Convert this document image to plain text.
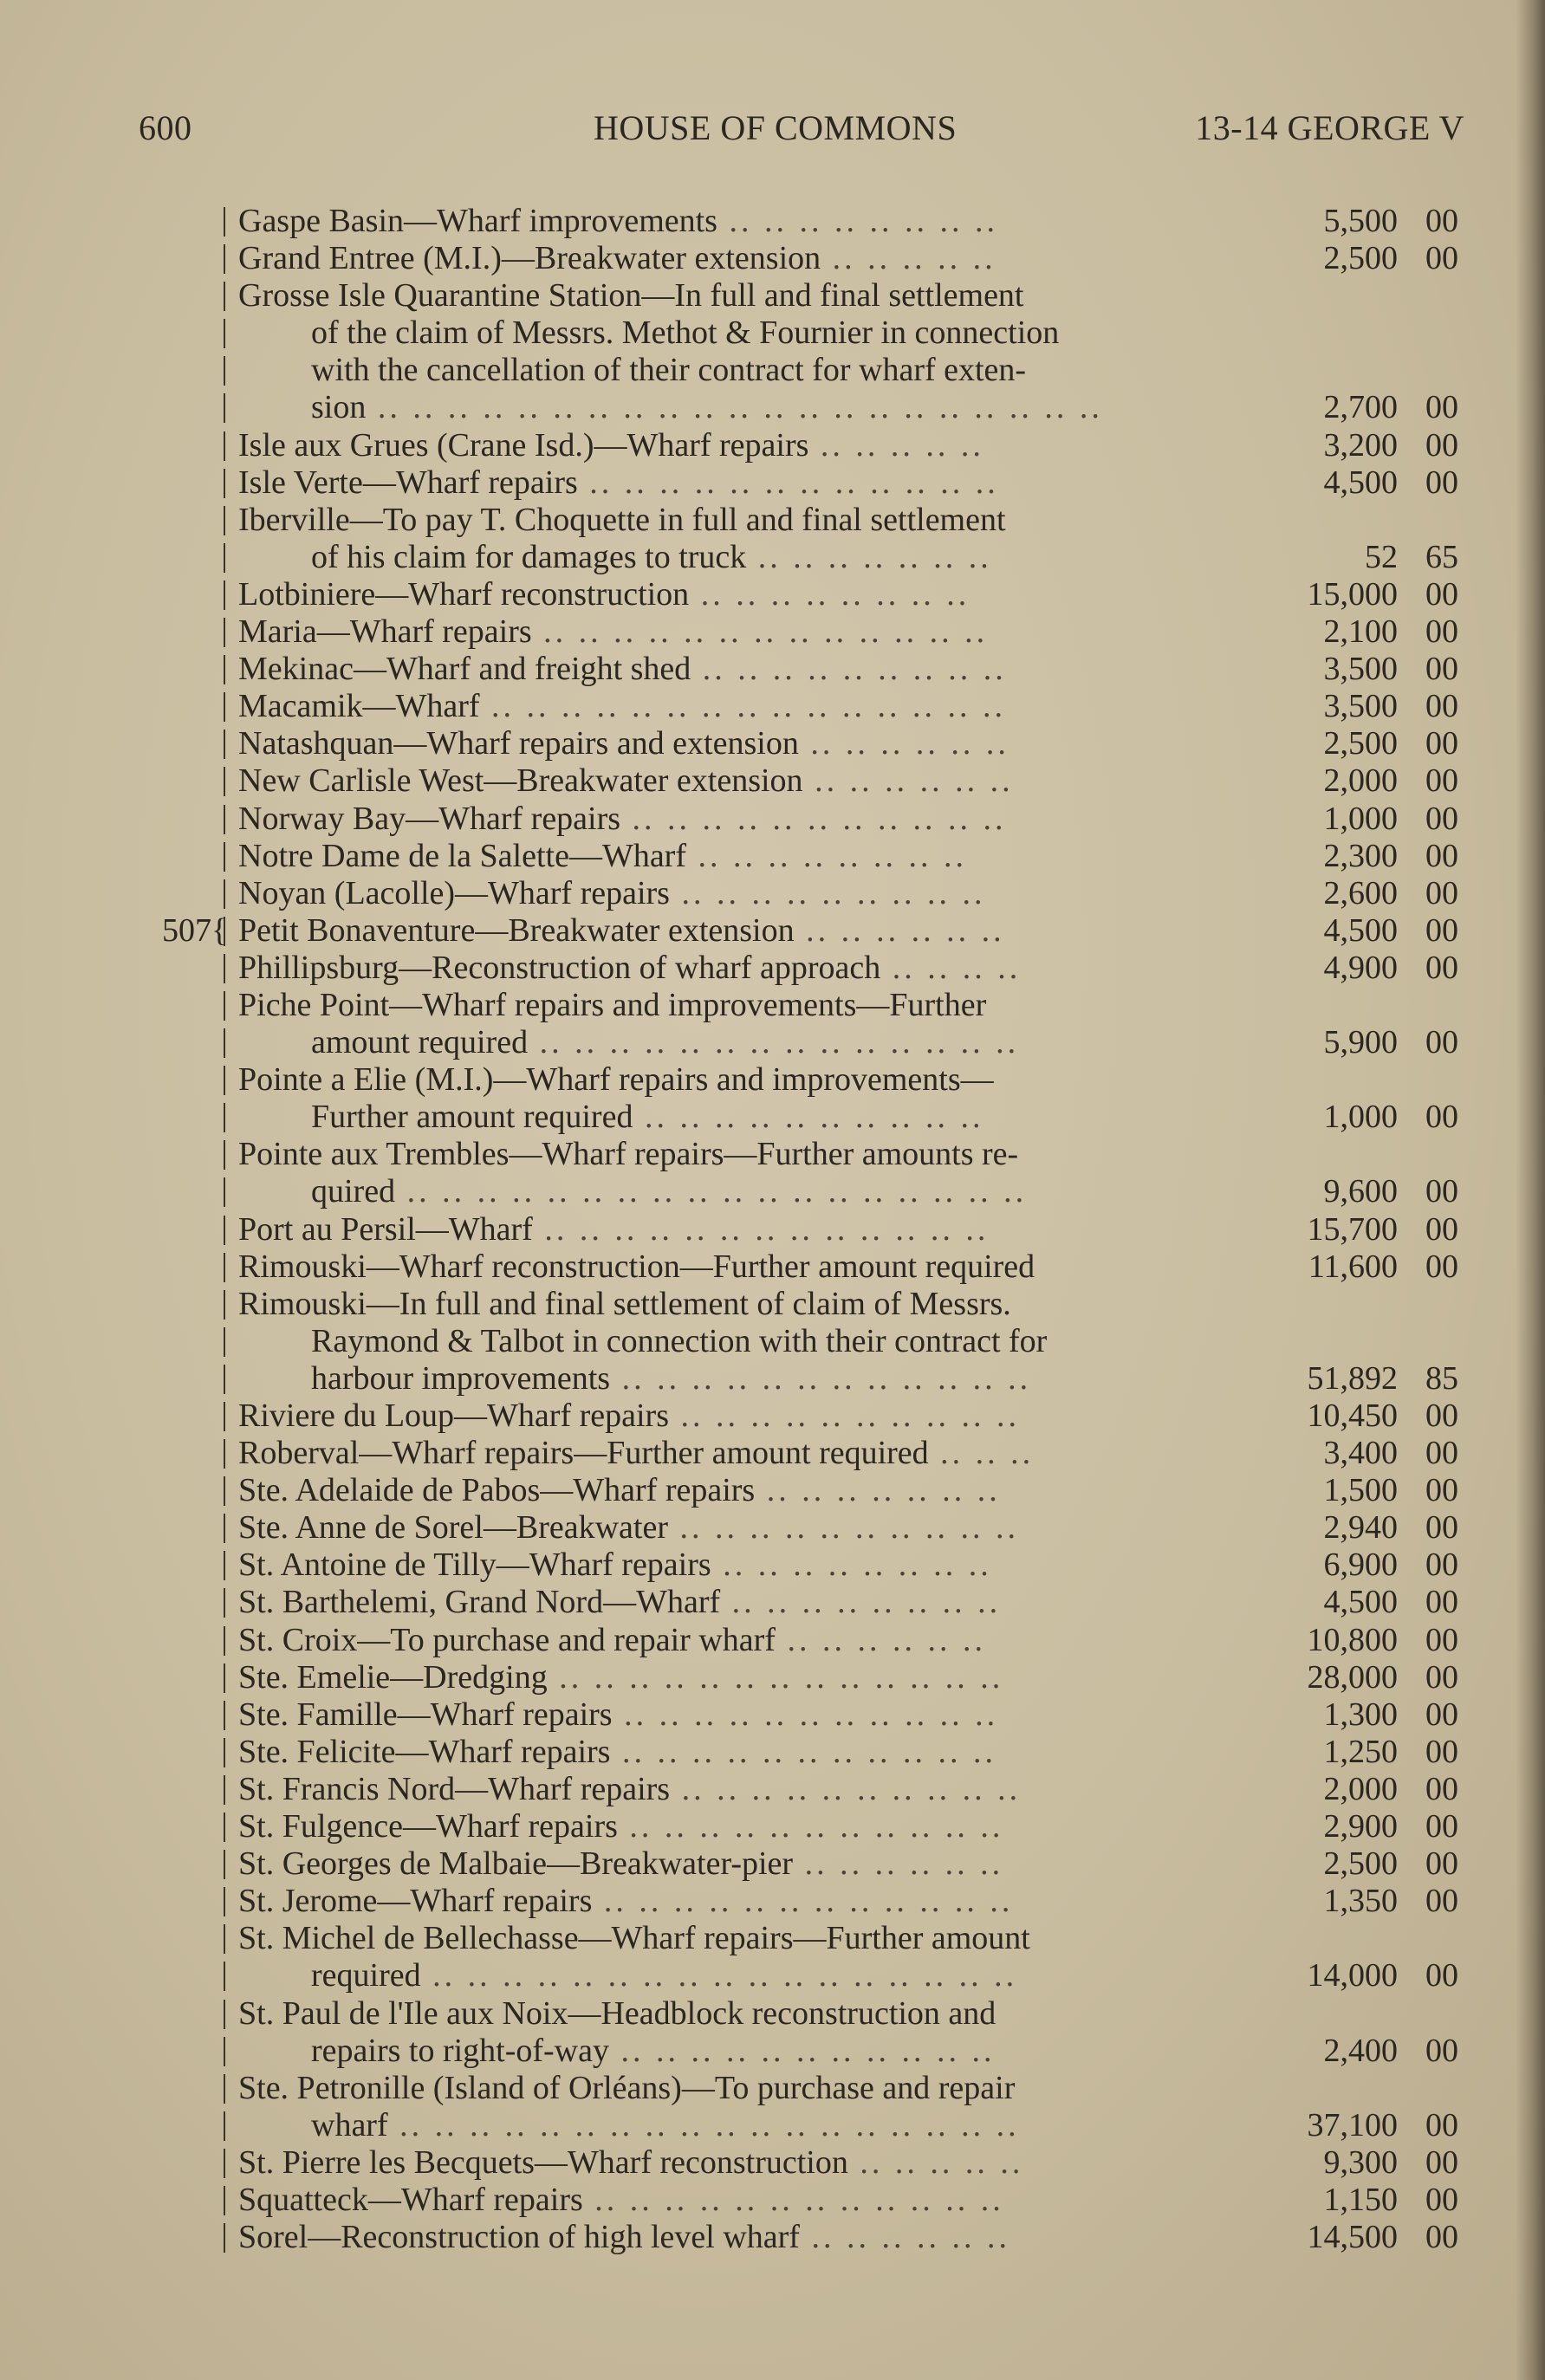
600	HOUSE OF COMMONS	13-14 GEORGE V
Gaspe Basin—Wharf improvements .. .. .. .. .. .. .. ..	5,500 00
Grand Entree (M.I.)—Breakwater extension .. .. .. .. ..	2,500 00
Grosse Isle Quarantine Station—In full and final settlement
of the claim of Messrs. Methot & Fournier in connection
with the cancellation of their contract for wharf exten-
sion .. .. .. .. .. .. .. .. .. .. .. .. .. .. .. .. .. .. .. .. ..	2,700 00
Isle aux Grues (Crane Isd.)—Wharf repairs .. .. .. .. ..	3,200 00
Isle Verte—Wharf repairs .. .. .. .. .. .. .. .. .. .. .. ..	4,500 00
Iberville—To pay T. Choquette in full and final settlement
of his claim for damages to truck .. .. .. .. .. .. ..	52 65
Lotbiniere—Wharf reconstruction .. .. .. .. .. .. .. ..	15,000 00
Maria—Wharf repairs .. .. .. .. .. .. .. .. .. .. .. .. ..	2,100 00
Mekinac—Wharf and freight shed .. .. .. .. .. .. .. .. ..	3,500 00
Macamik—Wharf .. .. .. .. .. .. .. .. .. .. .. .. .. .. ..	3,500 00
Natashquan—Wharf repairs and extension .. .. .. .. .. ..	2,500 00
New Carlisle West—Breakwater extension .. .. .. .. .. ..	2,000 00
Norway Bay—Wharf repairs .. .. .. .. .. .. .. .. .. .. ..	1,000 00
Notre Dame de la Salette—Wharf .. .. .. .. .. .. .. ..	2,300 00
Noyan (Lacolle)—Wharf repairs .. .. .. .. .. .. .. .. ..	2,600 00
507{ Petit Bonaventure—Breakwater extension .. .. .. .. .. ..	4,500 00
Phillipsburg—Reconstruction of wharf approach .. .. .. ..	4,900 00
Piche Point—Wharf repairs and improvements—Further
amount required .. .. .. .. .. .. .. .. .. .. .. .. .. ..	5,900 00
Pointe a Elie (M.I.)—Wharf repairs and improvements—
Further amount required .. .. .. .. .. .. .. .. .. ..	1,000 00
Pointe aux Trembles—Wharf repairs—Further amounts re-
quired .. .. .. .. .. .. .. .. .. .. .. .. .. .. .. .. .. ..	9,600 00
Port au Persil—Wharf .. .. .. .. .. .. .. .. .. .. .. .. ..	15,700 00
Rimouski—Wharf reconstruction—Further amount required	11,600 00
Rimouski—In full and final settlement of claim of Messrs.
Raymond & Talbot in connection with their contract for
harbour improvements .. .. .. .. .. .. .. .. .. .. .. ..	51,892 85
Riviere du Loup—Wharf repairs .. .. .. .. .. .. .. .. .. ..	10,450 00
Roberval—Wharf repairs—Further amount required .. .. ..	3,400 00
Ste. Adelaide de Pabos—Wharf repairs .. .. .. .. .. .. ..	1,500 00
Ste. Anne de Sorel—Breakwater .. .. .. .. .. .. .. .. .. ..	2,940 00
St. Antoine de Tilly—Wharf repairs .. .. .. .. .. .. .. ..	6,900 00
St. Barthelemi, Grand Nord—Wharf .. .. .. .. .. .. .. ..	4,500 00
St. Croix—To purchase and repair wharf .. .. .. .. .. ..	10,800 00
Ste. Emelie—Dredging .. .. .. .. .. .. .. .. .. .. .. .. ..	28,000 00
Ste. Famille—Wharf repairs .. .. .. .. .. .. .. .. .. .. ..	1,300 00
Ste. Felicite—Wharf repairs .. .. .. .. .. .. .. .. .. .. ..	1,250 00
St. Francis Nord—Wharf repairs .. .. .. .. .. .. .. .. .. ..	2,000 00
St. Fulgence—Wharf repairs .. .. .. .. .. .. .. .. .. .. ..	2,900 00
St. Georges de Malbaie—Breakwater-pier .. .. .. .. .. ..	2,500 00
St. Jerome—Wharf repairs .. .. .. .. .. .. .. .. .. .. .. ..	1,350 00
St. Michel de Bellechasse—Wharf repairs—Further amount
required .. .. .. .. .. .. .. .. .. .. .. .. .. .. .. .. ..	14,000 00
St. Paul de l'Ile aux Noix—Headblock reconstruction and
repairs to right-of-way .. .. .. .. .. .. .. .. .. .. ..	2,400 00
Ste. Petronille (Island of Orléans)—To purchase and repair
wharf .. .. .. .. .. .. .. .. .. .. .. .. .. .. .. .. .. ..	37,100 00
St. Pierre les Becquets—Wharf reconstruction .. .. .. .. ..	9,300 00
Squatteck—Wharf repairs .. .. .. .. .. .. .. .. .. .. .. ..	1,150 00
Sorel—Reconstruction of high level wharf .. .. .. .. .. ..	14,500 00
